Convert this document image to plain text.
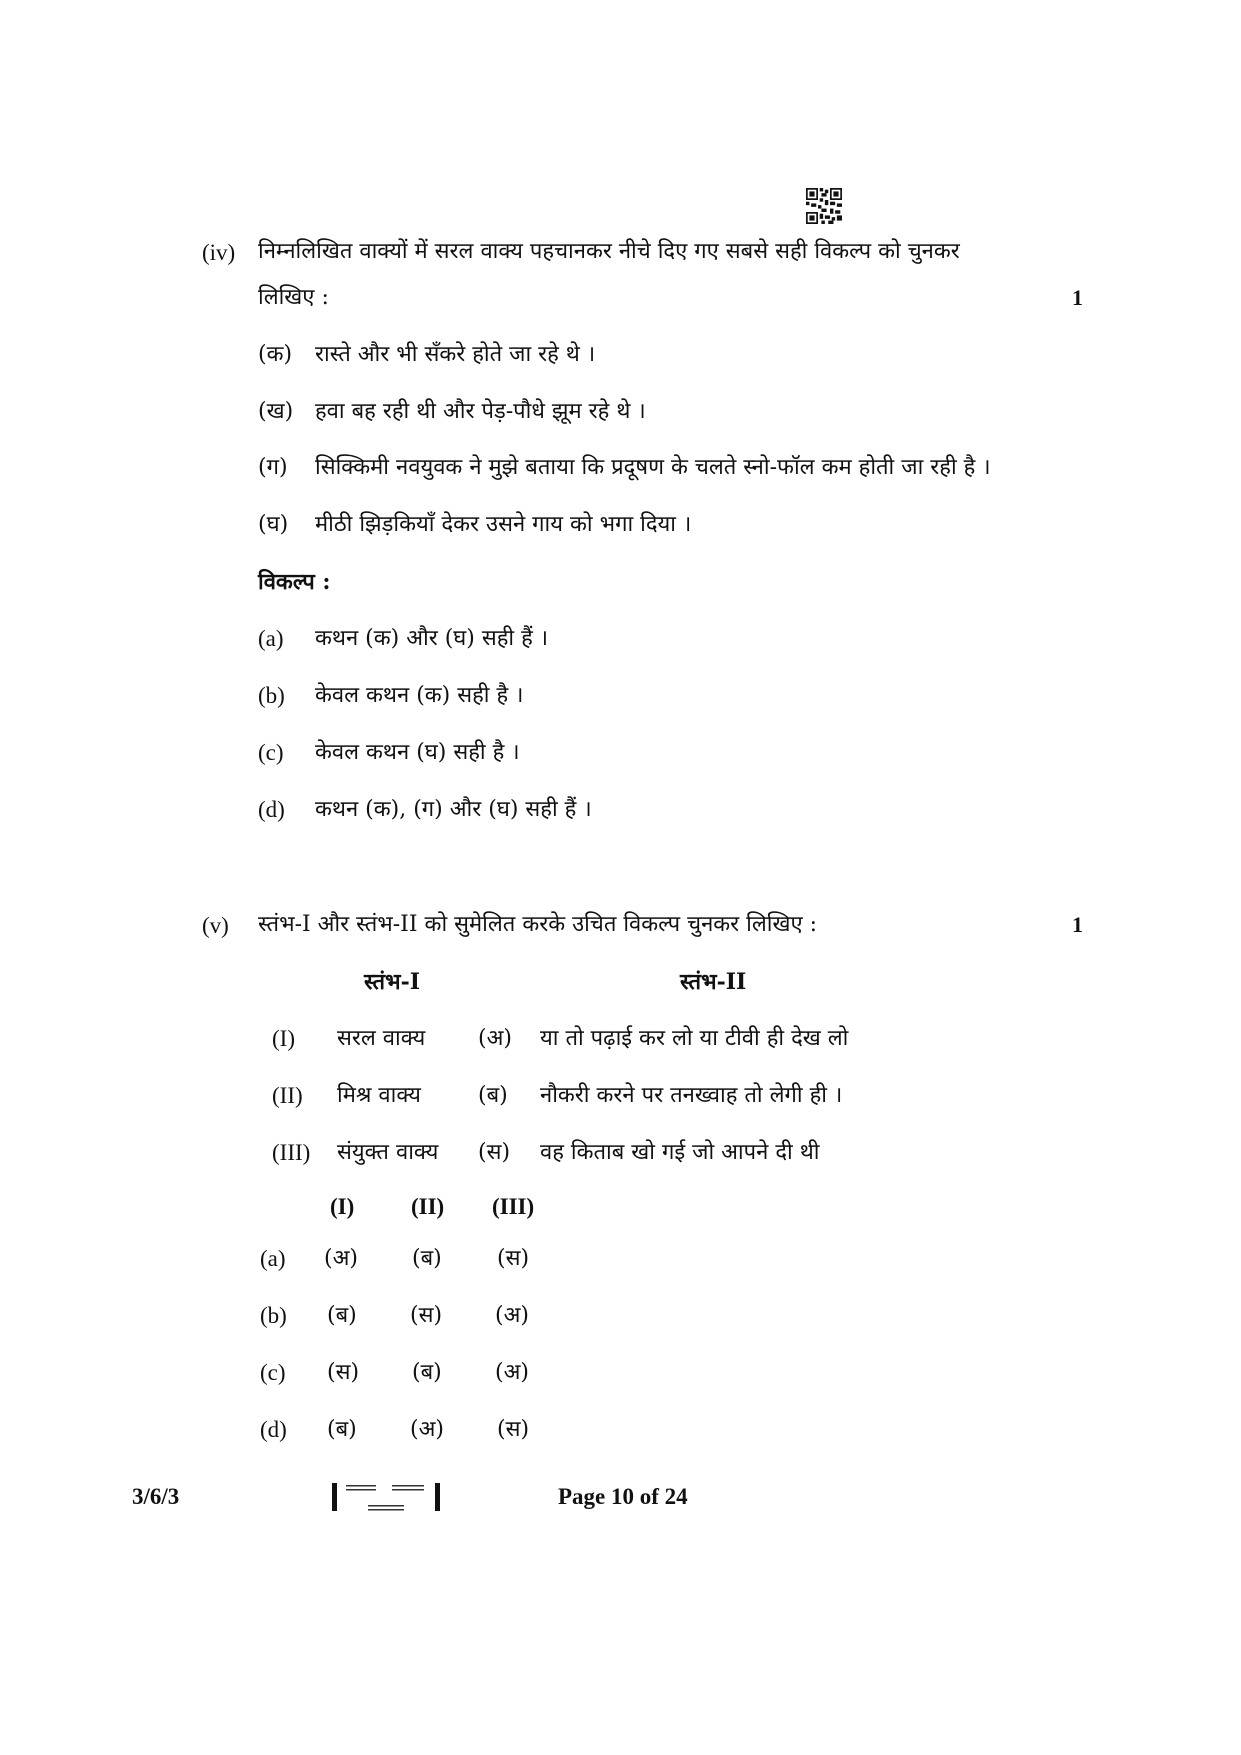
(iv) निम्नलिखित वाक्यों में सरल वाक्य पहचानकर नीचे दिए गए सबसे सही विकल्प को चुनकर
लिखिए :	1
(क) रास्ते और भी सँकरे होते जा रहे थे ।
(ख) हवा बह रही थी और पेड़-पौधे झूम रहे थे ।
(ग) सिक्किमी नवयुवक ने मुझे बताया कि प्रदूषण के चलते स्नो-फॉल कम होती जा रही है ।
(घ) मीठी झिड़कियाँ देकर उसने गाय को भगा दिया ।
विकल्प :
(a) कथन (क) और (घ) सही हैं ।
(b) केवल कथन (क) सही है ।
(c) केवल कथन (घ) सही है ।
(d) कथन (क), (ग) और (घ) सही हैं ।
(v) स्तंभ-I और स्तंभ-II को सुमेलित करके उचित विकल्प चुनकर लिखिए :	1
स्तंभ-I	स्तंभ-II
(I) सरल वाक्य (अ) या तो पढ़ाई कर लो या टीवी ही देख लो
(II) मिश्र वाक्य	(ब) नौकरी करने पर तनख्वाह तो लेगी ही ।
(III) संयुक्त वाक्य (स) वह किताब खो गई जो आपने दी थी
(I) (II) (III)
(a) (अ) (ब)	(स)
(b) (ब) (स) (अ)
(c) (स) (ब) (अ)
(d) (ब) (अ) (स)
3/6/3	Page 10 of 24
